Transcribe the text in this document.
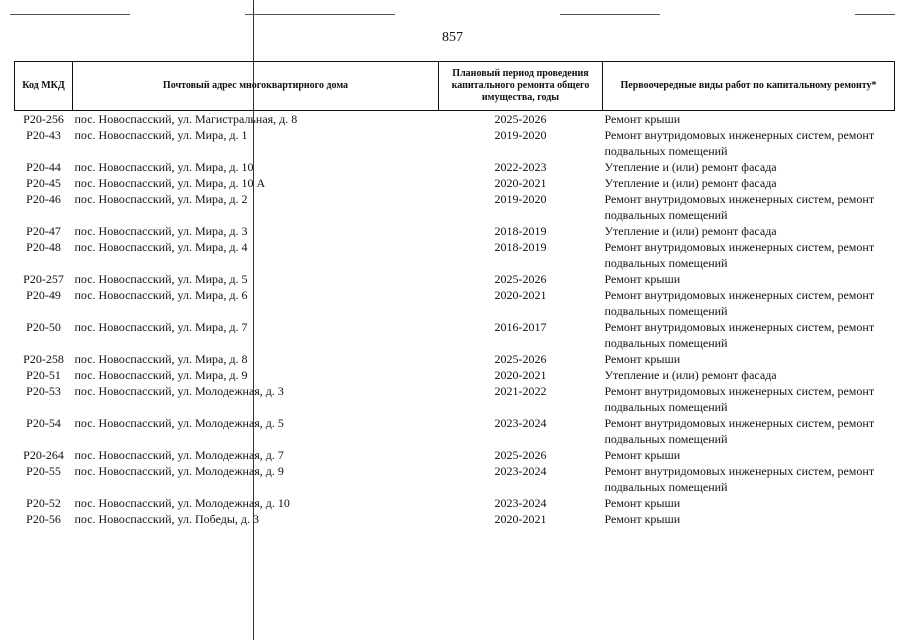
857
Код МКД	Почтовый адрес многоквартирного дома	Плановый период проведения капитального ремонта общего имущества, годы	Первоочередные виды работ по капитальному ремонту*
Р20-256	пос. Новоспасский, ул. Магистральная, д. 8	2025-2026	Ремонт крыши
Р20-43	пос. Новоспасский, ул. Мира, д. 1	2019-2020	Ремонт внутридомовых инженерных систем, ремонт подвальных помещений
Р20-44	пос. Новоспасский, ул. Мира, д. 10	2022-2023	Утепление и (или) ремонт фасада
Р20-45	пос. Новоспасский, ул. Мира, д. 10 А	2020-2021	Утепление и (или) ремонт фасада
Р20-46	пос. Новоспасский, ул. Мира, д. 2	2019-2020	Ремонт внутридомовых инженерных систем, ремонт подвальных помещений
Р20-47	пос. Новоспасский, ул. Мира, д. 3	2018-2019	Утепление и (или) ремонт фасада
Р20-48	пос. Новоспасский, ул. Мира, д. 4	2018-2019	Ремонт внутридомовых инженерных систем, ремонт подвальных помещений
Р20-257	пос. Новоспасский, ул. Мира, д. 5	2025-2026	Ремонт крыши
Р20-49	пос. Новоспасский, ул. Мира, д. 6	2020-2021	Ремонт внутридомовых инженерных систем, ремонт подвальных помещений
Р20-50	пос. Новоспасский, ул. Мира, д. 7	2016-2017	Ремонт внутридомовых инженерных систем, ремонт подвальных помещений
Р20-258	пос. Новоспасский, ул. Мира, д. 8	2025-2026	Ремонт крыши
Р20-51	пос. Новоспасский, ул. Мира, д. 9	2020-2021	Утепление и (или) ремонт фасада
Р20-53	пос. Новоспасский, ул. Молодежная, д. 3	2021-2022	Ремонт внутридомовых инженерных систем, ремонт подвальных помещений
Р20-54	пос. Новоспасский, ул. Молодежная, д. 5	2023-2024	Ремонт внутридомовых инженерных систем, ремонт подвальных помещений
Р20-264	пос. Новоспасский, ул. Молодежная, д. 7	2025-2026	Ремонт крыши
Р20-55	пос. Новоспасский, ул. Молодежная, д. 9	2023-2024	Ремонт внутридомовых инженерных систем, ремонт подвальных помещений
Р20-52	пос. Новоспасский, ул. Молодежная, д. 10	2023-2024	Ремонт крыши
Р20-56	пос. Новоспасский, ул. Победы, д. 3	2020-2021	Ремонт крыши
